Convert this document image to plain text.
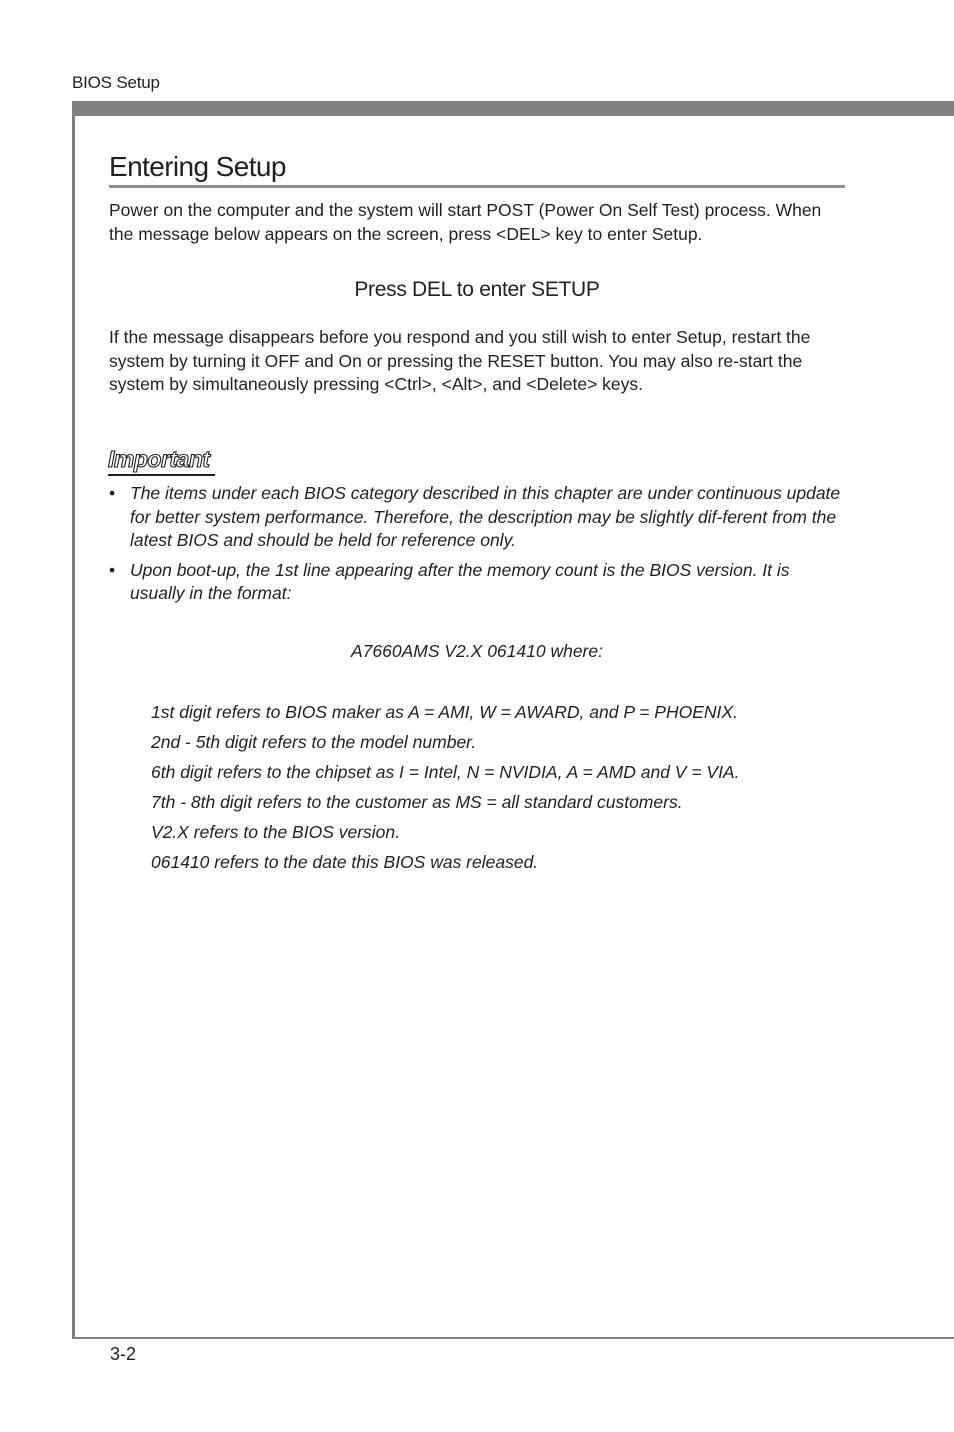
BIOS Setup
Entering Setup

Power on the computer and the system will start POST (Power On Self Test) process. When the message below appears on the screen, press <DEL> key to enter Setup.

Press DEL to enter SETUP

If the message disappears before you respond and you still wish to enter Setup, restart the system by turning it OFF and On or pressing the RESET button. You may also re-start the system by simultaneously pressing <Ctrl>, <Alt>, and <Delete> keys.

Important
• The items under each BIOS category described in this chapter are under continuous update for better system performance. Therefore, the description may be slightly dif-ferent from the latest BIOS and should be held for reference only.
• Upon boot-up, the 1st line appearing after the memory count is the BIOS version. It is usually in the format:
A7660AMS V2.X 061410 where:
1st digit refers to BIOS maker as A = AMI, W = AWARD, and P = PHOENIX.
2nd - 5th digit refers to the model number.
6th digit refers to the chipset as I = Intel, N = NVIDIA, A = AMD and V = VIA.
7th - 8th digit refers to the customer as MS = all standard customers.
V2.X refers to the BIOS version.
061410 refers to the date this BIOS was released.
3-2
